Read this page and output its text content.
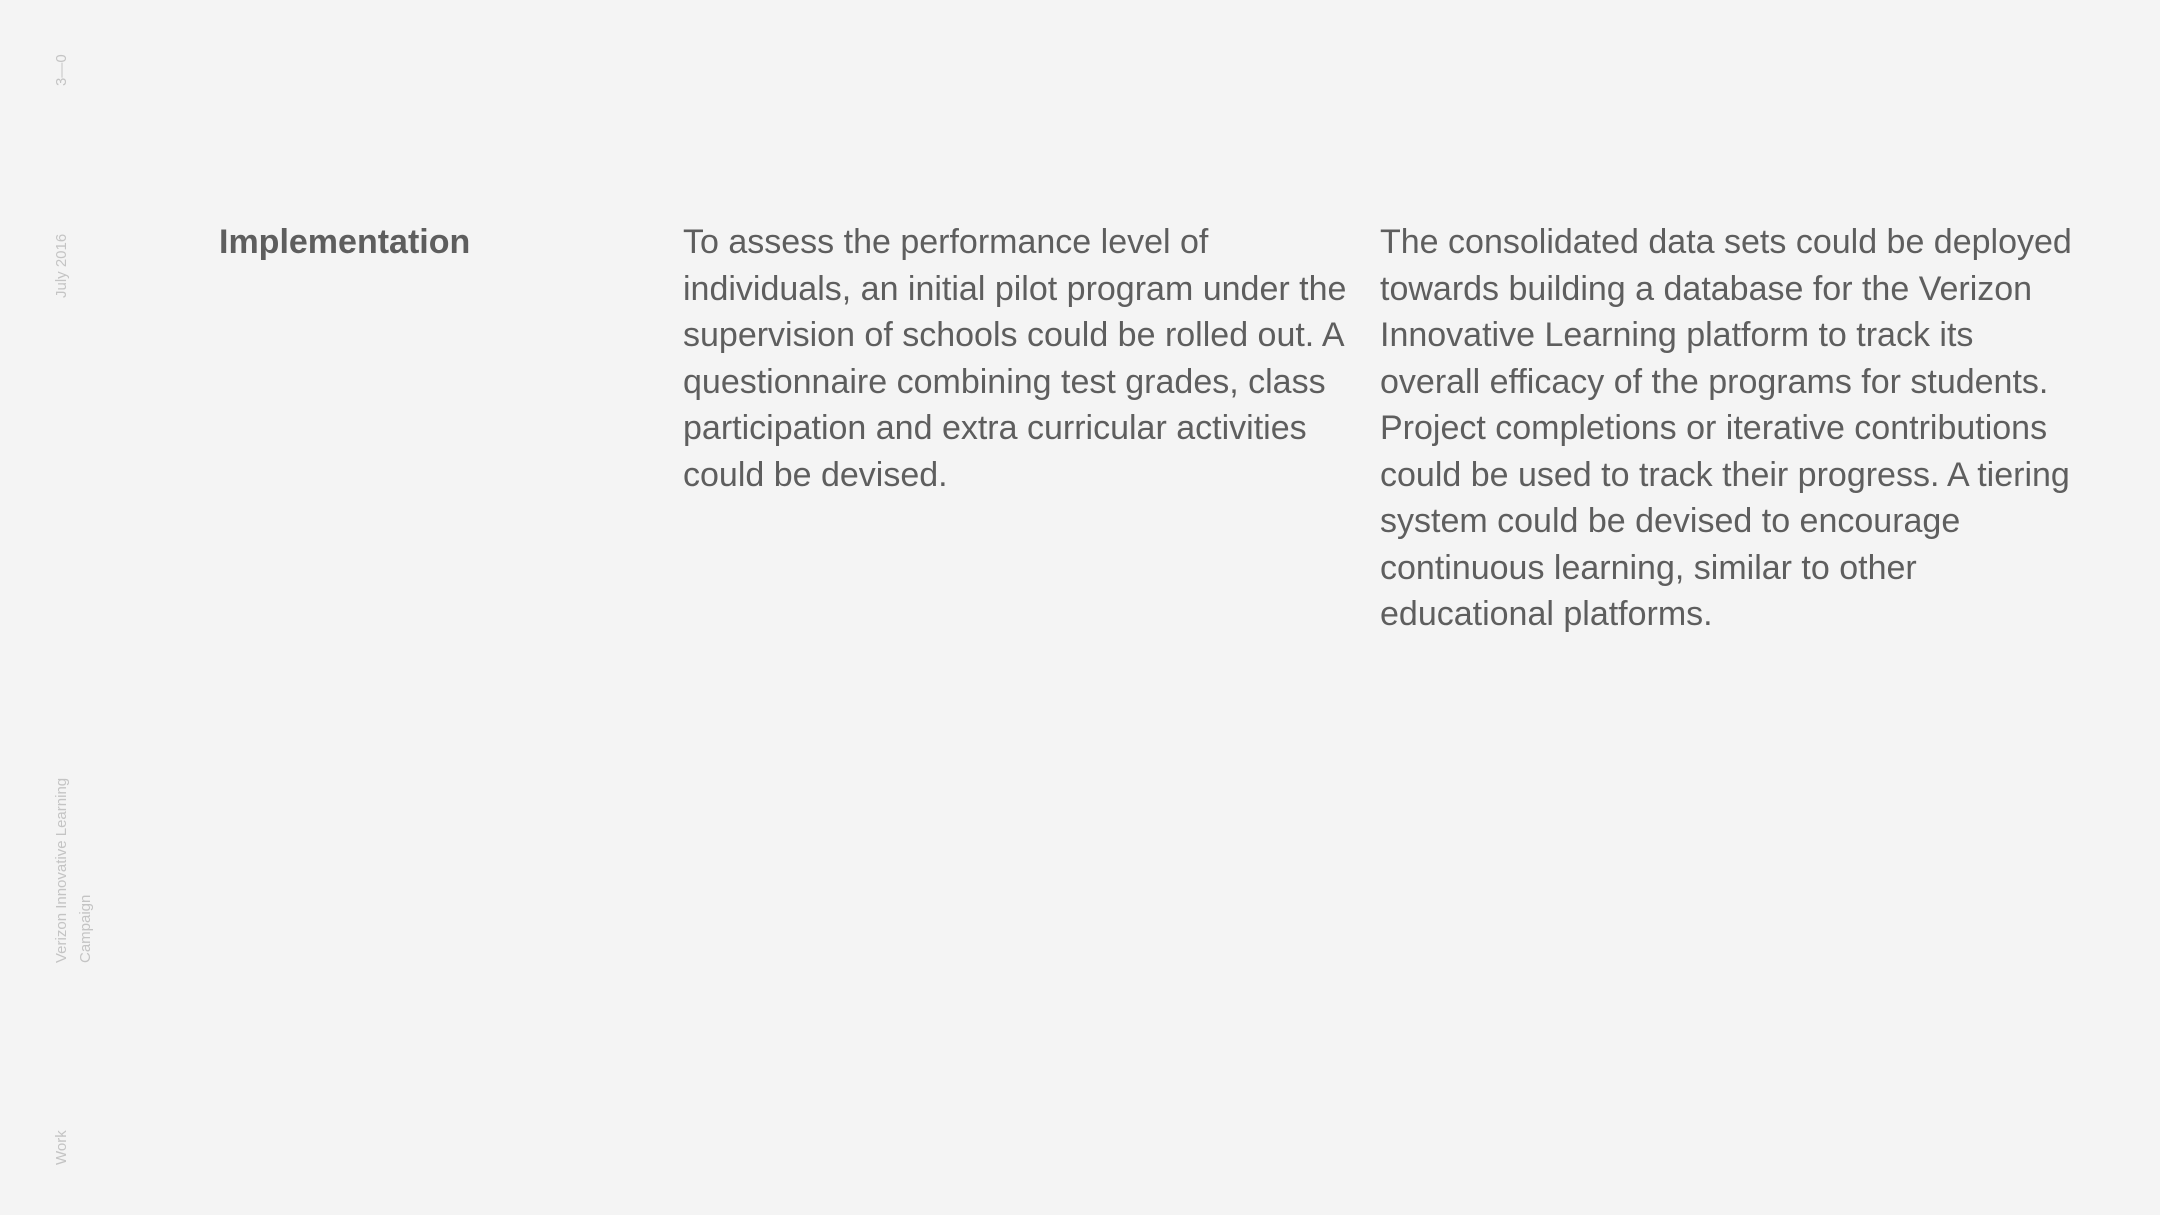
3—0
July 2016
Verizon Innovative Learning Campaign
Work
Implementation	To assess the performance level of individuals, an initial pilot program under the supervision of schools could be rolled out. A questionnaire combining test grades, class participation and extra curricular activities could be devised.

The consolidated data sets could be deployed towards building a database for the Verizon Innovative Learning platform to track its overall efficacy of the programs for students. Project completions or iterative contributions could be used to track their progress. A tiering system could be devised to encourage continuous learning, similar to other educational platforms.
